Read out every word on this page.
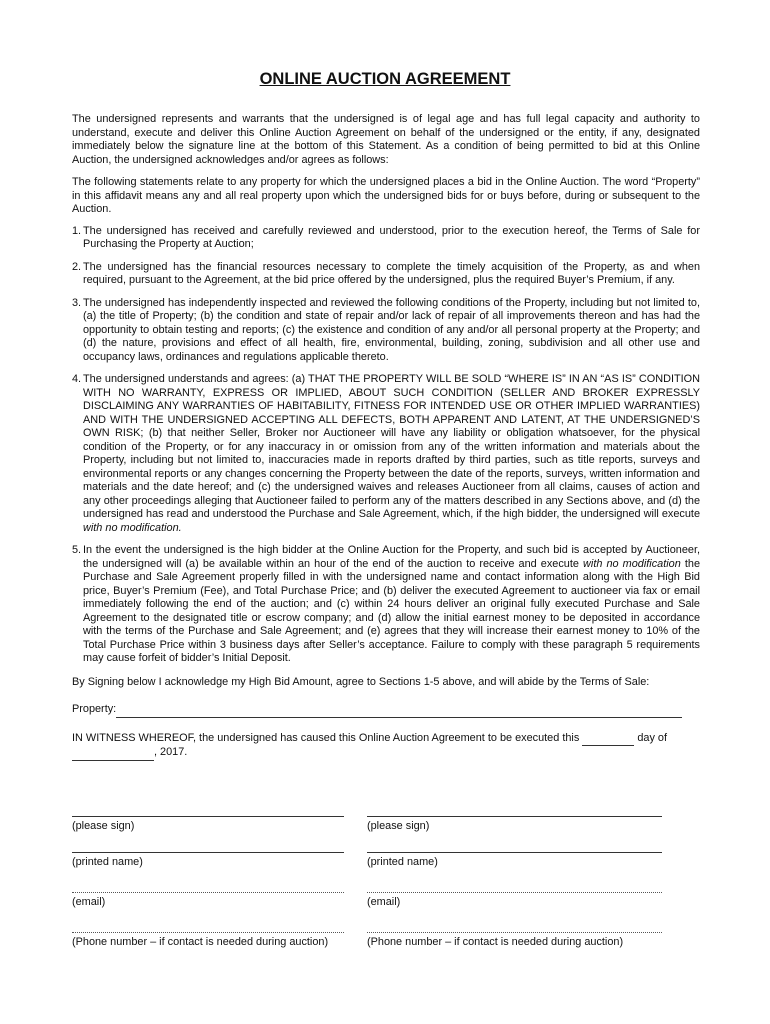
ONLINE AUCTION AGREEMENT

The undersigned represents and warrants that the undersigned is of legal age and has full legal capacity and authority to understand, execute and deliver this Online Auction Agreement on behalf of the undersigned or the entity, if any, designated immediately below the signature line at the bottom of this Statement. As a condition of being permitted to bid at this Online Auction, the undersigned acknowledges and/or agrees as follows:

The following statements relate to any property for which the undersigned places a bid in the Online Auction. The word “Property” in this affidavit means any and all real property upon which the undersigned bids for or buys before, during or subsequent to the Auction.

1. The undersigned has received and carefully reviewed and understood, prior to the execution hereof, the Terms of Sale for Purchasing the Property at Auction;
2. The undersigned has the financial resources necessary to complete the timely acquisition of the Property, as and when required, pursuant to the Agreement, at the bid price offered by the undersigned, plus the required Buyer’s Premium, if any.
3. The undersigned has independently inspected and reviewed the following conditions of the Property, including but not limited to, (a) the title of Property; (b) the condition and state of repair and/or lack of repair of all improvements thereon and has had the opportunity to obtain testing and reports; (c) the existence and condition of any and/or all personal property at the Property; and (d) the nature, provisions and effect of all health, fire, environmental, building, zoning, subdivision and all other use and occupancy laws, ordinances and regulations applicable thereto.
4. The undersigned understands and agrees: (a) THAT THE PROPERTY WILL BE SOLD “WHERE IS” IN AN “AS IS” CONDITION WITH NO WARRANTY, EXPRESS OR IMPLIED, ABOUT SUCH CONDITION (SELLER AND BROKER EXPRESSLY DISCLAIMING ANY WARRANTIES OF HABITABILITY, FITNESS FOR INTENDED USE OR OTHER IMPLIED WARRANTIES) AND WITH THE UNDERSIGNED ACCEPTING ALL DEFECTS, BOTH APPARENT AND LATENT, AT THE UNDERSIGNED’S OWN RISK; (b) that neither Seller, Broker nor Auctioneer will have any liability or obligation whatsoever, for the physical condition of the Property, or for any inaccuracy in or omission from any of the written information and materials about the Property, including but not limited to, inaccuracies made in reports drafted by third parties, such as title reports, surveys and environmental reports or any changes concerning the Property between the date of the reports, surveys, written information and materials and the date hereof; and (c) the undersigned waives and releases Auctioneer from all claims, causes of action and any other proceedings alleging that Auctioneer failed to perform any of the matters described in any Sections above, and (d) the undersigned has read and understood the Purchase and Sale Agreement, which, if the high bidder, the undersigned will execute with no modification.
5. In the event the undersigned is the high bidder at the Online Auction for the Property, and such bid is accepted by Auctioneer, the undersigned will (a) be available within an hour of the end of the auction to receive and execute with no modification the Purchase and Sale Agreement properly filled in with the undersigned name and contact information along with the High Bid price, Buyer’s Premium (Fee), and Total Purchase Price; and (b) deliver the executed Agreement to auctioneer via fax or email immediately following the end of the auction; and (c) within 24 hours deliver an original fully executed Purchase and Sale Agreement to the designated title or escrow company; and (d) allow the initial earnest money to be deposited in accordance with the terms of the Purchase and Sale Agreement; and (e) agrees that they will increase their earnest money to 10% of the Total Purchase Price within 3 business days after Seller’s acceptance. Failure to comply with these paragraph 5 requirements may cause forfeit of bidder’s Initial Deposit.

By Signing below I acknowledge my High Bid Amount, agree to Sections 1-5 above, and will abide by the Terms of Sale:

Property:
IN WITNESS WHEREOF, the undersigned has caused this Online Auction Agreement to be executed this	day of
, 2017.
(please sign)	(please sign)
(printed name)	(printed name)
(email)	(email)
(Phone number – if contact is needed during auction)	(Phone number – if contact is needed during auction)
